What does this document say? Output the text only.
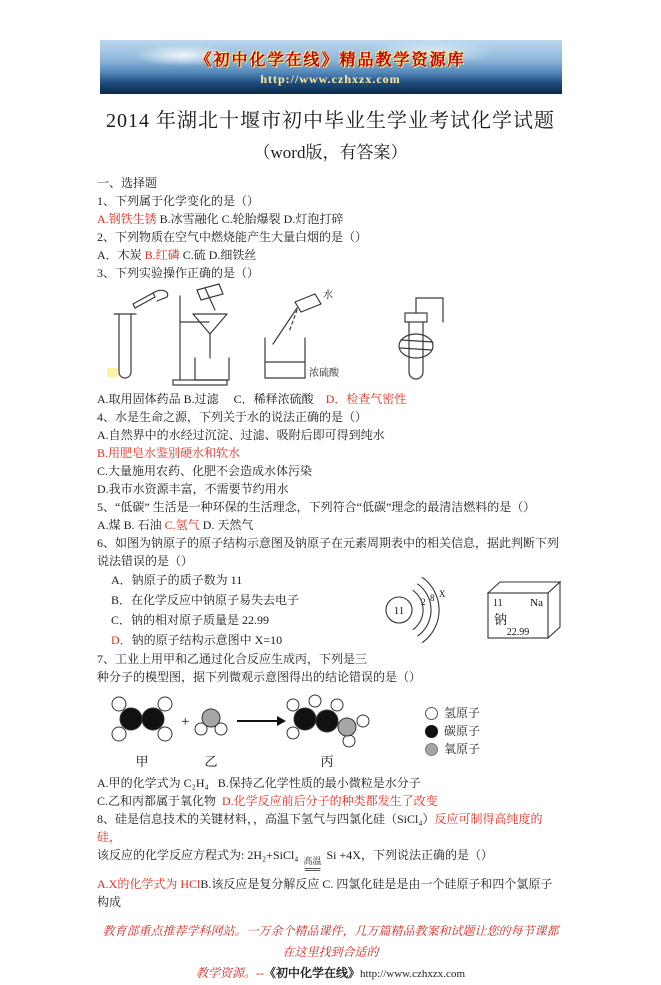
《初中化学在线》精品教学资源库
http://www.czhxzx.com
2014 年湖北十堰市初中毕业生学业考试化学试题
（word版，有答案）

一、选择题

1、下列属于化学变化的是（）

A.钢铁生锈 B.冰雪融化 C.轮胎爆裂 D.灯泡打碎

2、下列物质在空气中燃烧能产生大量白烟的是（）

A．木炭 B.红磷 C.硫 D.细铁丝

3、下列实验操作正确的是（）

水
浓硫酸

A.取用固体药品 B.过滤     C．稀释浓硫酸    D．检查气密性

4、水是生命之源，下列关于水的说法正确的是（）

A.自然界中的水经过沉淀、过滤、吸附后即可得到纯水

B.用肥皂水鉴别硬水和软水

C.大量施用农药、化肥不会造成水体污染

D.我市水资源丰富，不需要节约用水

5、“低碳” 生活是一种环保的生活理念，下列符合“低碳”理念的最清洁燃料的是（）

A.煤 B. 石油 C.氢气 D. 天然气

6、如图为钠原子的原子结构示意图及钠原子在元素周期表中的相关信息，据此判断下列说法错误的是（）

A．钠原子的质子数为 11

B．在化学反应中钠原子易失去电子

C．钠的相对原子质量是 22.99

D．钠的原子结构示意图中 X=10

11
2 8 X
11	Na
钠
22.99

7、工业上用甲和乙通过化合反应生成丙，下列是三

种分子的模型图，据下列微观示意图得出的结论错误的是（）

+
甲	乙	丙
氢原子
碳原子
氧原子

A.甲的化学式为 C₂H₄   B.保持乙化学性质的最小微粒是水分子

C.乙和丙都属于氧化物  D.化学反应前后分子的种类都发生了改变

8、硅是信息技术的关键材料，，高温下氢气与四氯化硅（SiCl₄）反应可制得高纯度的硅，

该反应的化学反应方程式为: 2H₂+SiCl₄ 高温
══
Si +4X，下列说法正确的是（）

A.X的化学式为 HClB.该反应是复分解反应 C. 四氯化硅是是由一个硅原子和四个氯原子构成

教育部重点推荐学科网站。一万余个精品课件，几万篇精品教案和试题让您的每节课都在这里找到合适的
教学资源。--《初中化学在线》http://www.czhxzx.com
